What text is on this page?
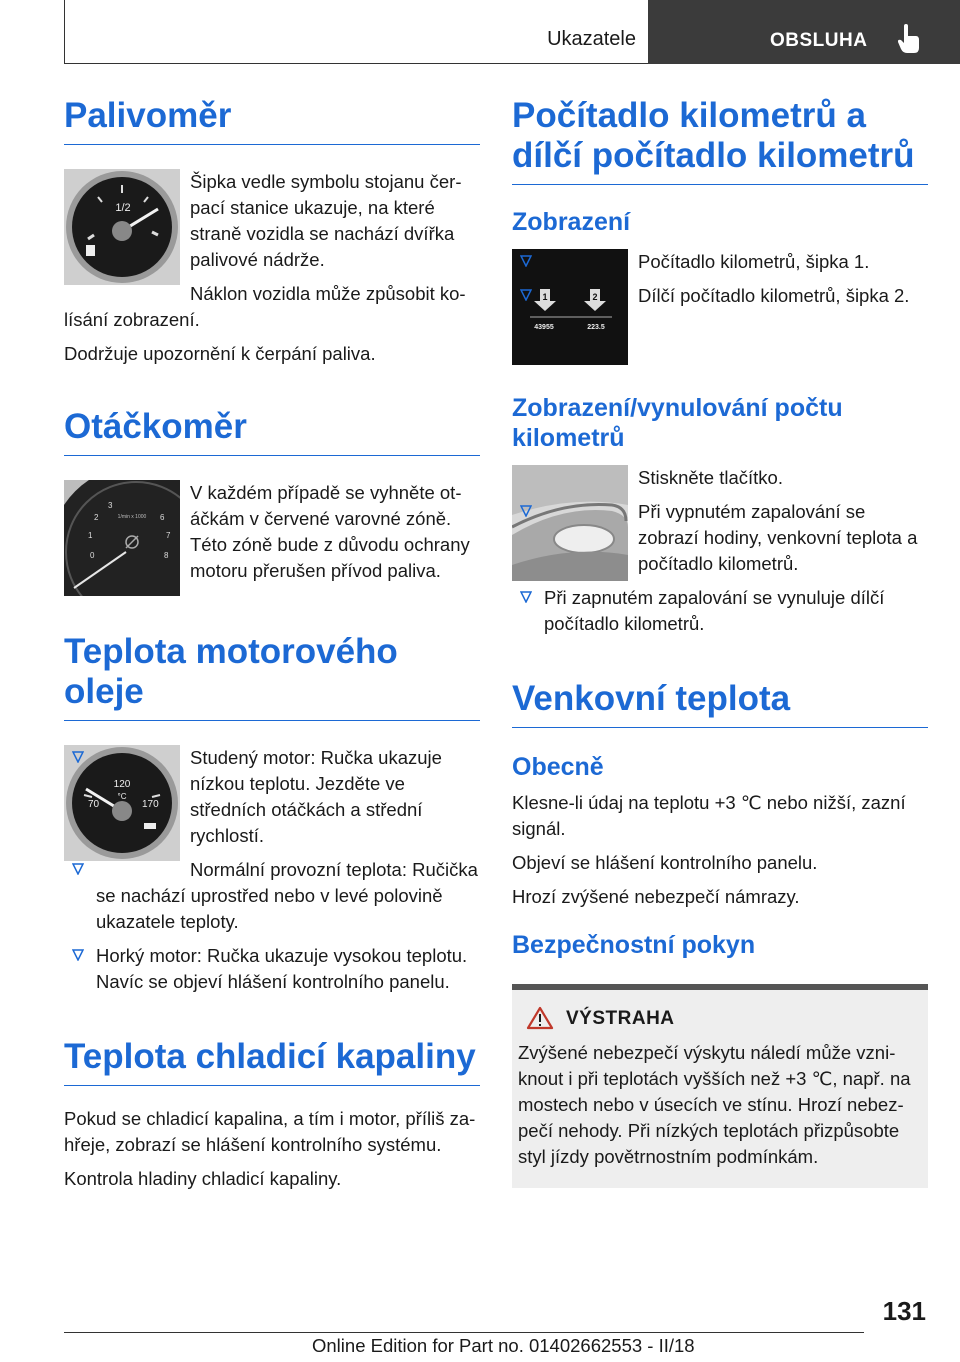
Ukazatele	OBSLUHA
Palivoměr
1/2

Šipka vedle symbolu stojanu čerpací stanice ukazuje, na které straně vozidla se nachází dvířka palivové nádrže.

Náklon vozidla může způsobit kolísání zobrazení.

Dodržuje upozornění k čerpání paliva.

Otáčkoměr
0
1
2
3
6
7
8
1/min x 1000

V každém případě se vyhněte otáčkám v červené varovné zóně. Této zóně bude z důvodu ochrany motoru přerušen přívod paliva.

Teplota motorového oleje
120
°C
70	170
Studený motor: Ručka ukazuje nízkou teplotu. Jezděte ve středních otáčkách a střední rychlostí.
Normální provozní teplota: Ručička se nachází uprostřed nebo v levé polovině ukazatele teploty.
Horký motor: Ručka ukazuje vysokou teplotu. Navíc se objeví hlášení kontrolního panelu.
Teplota chladicí kapaliny

Pokud se chladicí kapalina, a tím i motor, příliš zahřeje, zobrazí se hlášení kontrolního systému.

Kontrola hladiny chladicí kapaliny.

Počítadlo kilometrů a dílčí počítadlo kilometrů
Zobrazení
1	2
43955	223.5
Počítadlo kilometrů, šipka 1.
Dílčí počítadlo kilometrů, šipka 2.
Zobrazení/vynulování počtu kilometrů

Stiskněte tlačítko.

Při vypnutém zapalování se zobrazí hodiny, venkovní teplota a počítadlo kilometrů.
Při zapnutém zapalování se vynuluje dílčí počítadlo kilometrů.
Venkovní teplota
Obecně

Klesne-li údaj na teplotu +3 ℃ nebo nižší, zazní signál.

Objeví se hlášení kontrolního panelu.

Hrozí zvýšené nebezpečí námrazy.

Bezpečnostní pokyn
VÝSTRAHA

Zvýšené nebezpečí výskytu náledí může vzniknout i při teplotách vyšších než +3 ℃, např. na mostech nebo v úsecích ve stínu. Hrozí nebezpečí nehody. Při nízkých teplotách přizpůsobte styl jízdy povětrnostním podmínkám.

131
Online Edition for Part no. 01402662553 - II/18
